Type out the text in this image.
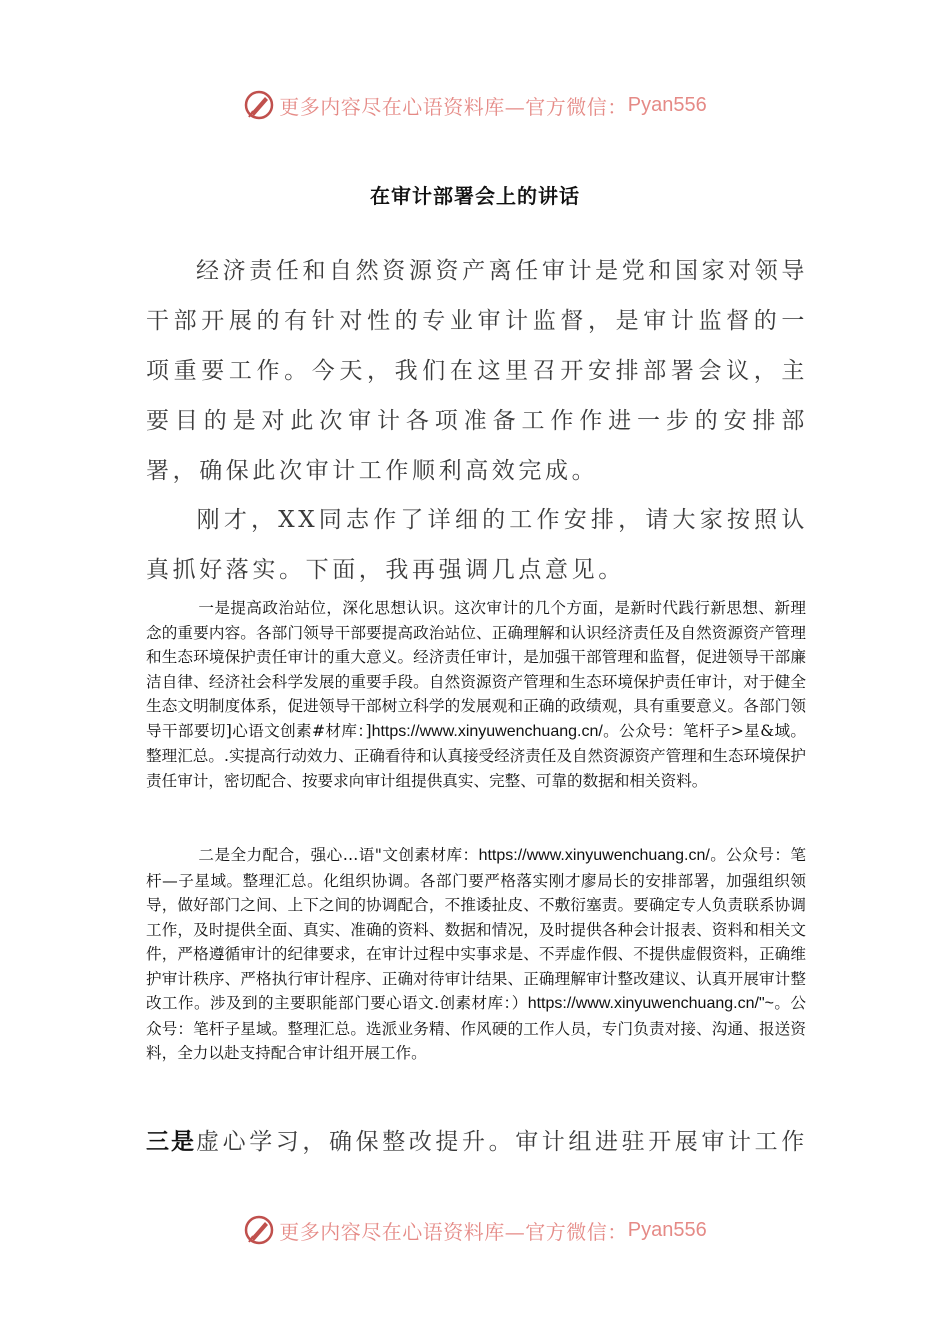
更多内容尽在心语资料库—官方微信： Pyan556
在审计部署会上的讲话

经济责任和自然资源资产离任审计是党和国家对领导干部开展的有针对性的专业审计监督，是审计监督的一项重要工作。今天，我们在这里召开安排部署会议，主要目的是对此次审计各项准备工作作进一步的安排部署，确保此次审计工作顺利高效完成。

刚才，XX同志作了详细的工作安排，请大家按照认真抓好落实。下面，我再强调几点意见。

一是提高政治站位，深化思想认识。这次审计的几个方面，是新时代践行新思想、新理念的重要内容。各部门领导干部要提高政治站位、正确理解和认识经济责任及自然资源资产管理和生态环境保护责任审计的重大意义。经济责任审计，是加强干部管理和监督，促进领导干部廉洁自律、经济社会科学发展的重要手段。自然资源资产管理和生态环境保护责任审计，对于健全生态文明制度体系，促进领导干部树立科学的发展观和正确的政绩观，具有重要意义。各部门领导干部要切]心语文创素#材库：]https://www.xinyuwenchuang.cn/。公众号：笔杆子>星&域。整理汇总。.实提高行动效力、正确看待和认真接受经济责任及自然资源资产管理和生态环境保护责任审计，密切配合、按要求向审计组提供真实、完整、可靠的数据和相关资料。

二是全力配合，强心…语"文创素材库：https://www.xinyuwenchuang.cn/。公众号：笔杆—子星域。整理汇总。化组织协调。各部门要严格落实刚才廖局长的安排部署，加强组织领导，做好部门之间、上下之间的协调配合，不推诿扯皮、不敷衍塞责。要确定专人负责联系协调工作，及时提供全面、真实、准确的资料、数据和情况，及时提供各种会计报表、资料和相关文件，严格遵循审计的纪律要求，在审计过程中实事求是、不弄虚作假、不提供虚假资料，正确维护审计秩序、严格执行审计程序、正确对待审计结果、正确理解审计整改建议、认真开展审计整改工作。涉及到的主要职能部门要心语文.创素材库：）https://www.xinyuwenchuang.cn/"~。公众号：笔杆子星域。整理汇总。选派业务精、作风硬的工作人员，专门负责对接、沟通、报送资料，全力以赴支持配合审计组开展工作。

三是虚心学习，确保整改提升。审计组进驻开展审计工作

更多内容尽在心语资料库—官方微信： Pyan556
